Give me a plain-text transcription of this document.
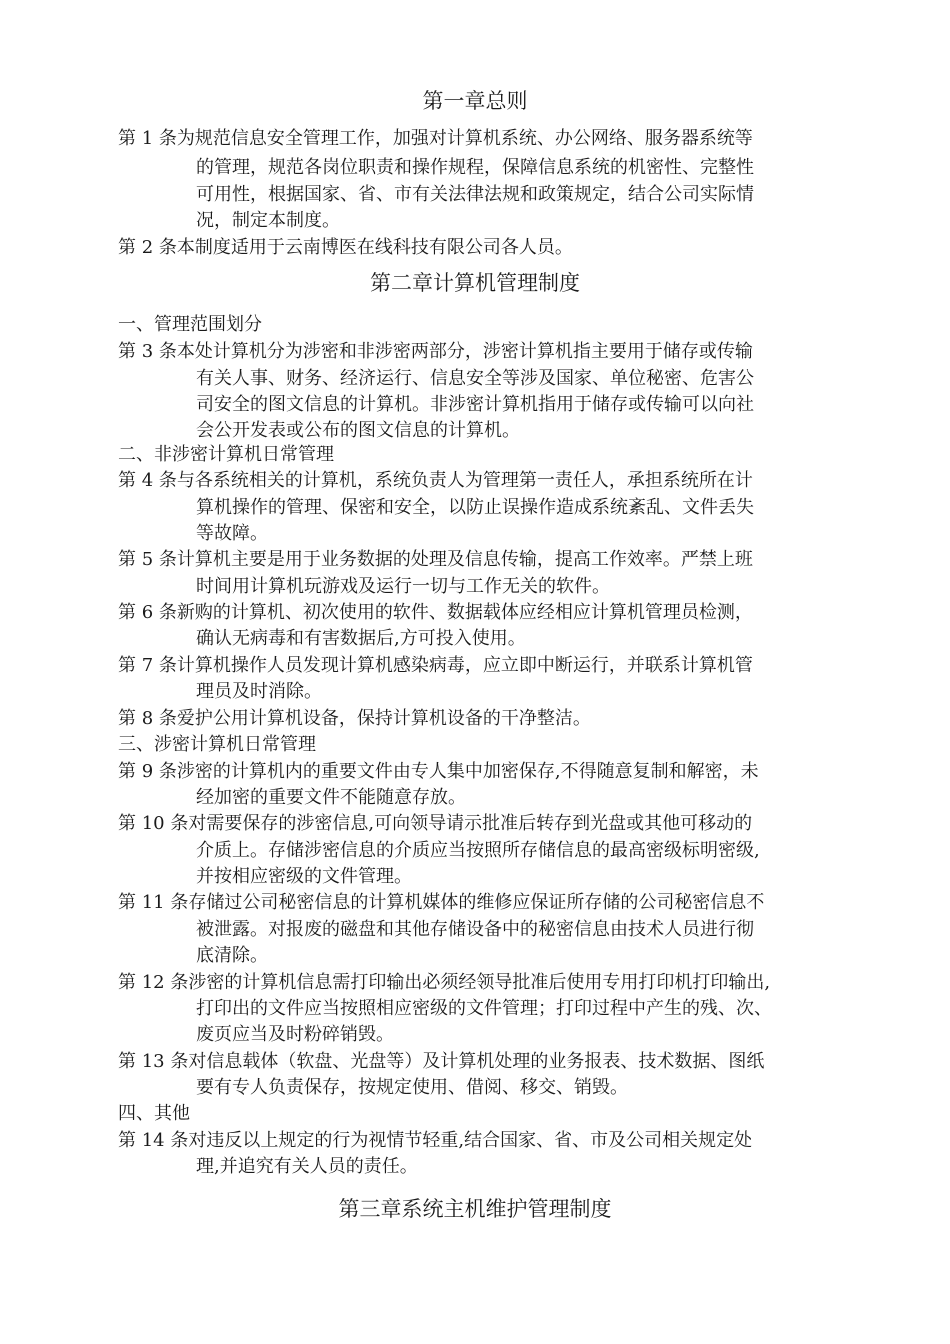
第一章总则
第 1 条为规范信息安全管理工作，加强对计算机系统、办公网络、服务器系统等
的管理，规范各岗位职责和操作规程，保障信息系统的机密性、完整性
可用性，根据国家、省、市有关法律法规和政策规定，结合公司实际情
况，制定本制度。
第 2 条本制度适用于云南博医在线科技有限公司各人员。
第二章计算机管理制度
一、管理范围划分
第 3 条本处计算机分为涉密和非涉密两部分，涉密计算机指主要用于储存或传输
有关人事、财务、经济运行、信息安全等涉及国家、单位秘密、危害公
司安全的图文信息的计算机。非涉密计算机指用于储存或传输可以向社
会公开发表或公布的图文信息的计算机。
二、非涉密计算机日常管理
第 4 条与各系统相关的计算机，系统负责人为管理第一责任人，承担系统所在计
算机操作的管理、保密和安全，以防止误操作造成系统紊乱、文件丢失
等故障。
第 5 条计算机主要是用于业务数据的处理及信息传输，提高工作效率。严禁上班
时间用计算机玩游戏及运行一切与工作无关的软件。
第 6 条新购的计算机、初次使用的软件、数据载体应经相应计算机管理员检测，
确认无病毒和有害数据后,方可投入使用。
第 7 条计算机操作人员发现计算机感染病毒，应立即中断运行，并联系计算机管
理员及时消除。
第 8 条爱护公用计算机设备，保持计算机设备的干净整洁。
三、涉密计算机日常管理
第 9 条涉密的计算机内的重要文件由专人集中加密保存,不得随意复制和解密，未
经加密的重要文件不能随意存放。
第 10 条对需要保存的涉密信息,可向领导请示批准后转存到光盘或其他可移动的
介质上。存储涉密信息的介质应当按照所存储信息的最高密级标明密级,
并按相应密级的文件管理。
第 11 条存储过公司秘密信息的计算机媒体的维修应保证所存储的公司秘密信息不
被泄露。对报废的磁盘和其他存储设备中的秘密信息由技术人员进行彻
底清除。
第 12 条涉密的计算机信息需打印输出必须经领导批准后使用专用打印机打印输出,
打印出的文件应当按照相应密级的文件管理；打印过程中产生的残、次、
废页应当及时粉碎销毁。
第 13 条对信息载体（软盘、光盘等）及计算机处理的业务报表、技术数据、图纸
要有专人负责保存，按规定使用、借阅、移交、销毁。
四、其他
第 14 条对违反以上规定的行为视情节轻重,结合国家、省、市及公司相关规定处
理,并追究有关人员的责任。
第三章系统主机维护管理制度
